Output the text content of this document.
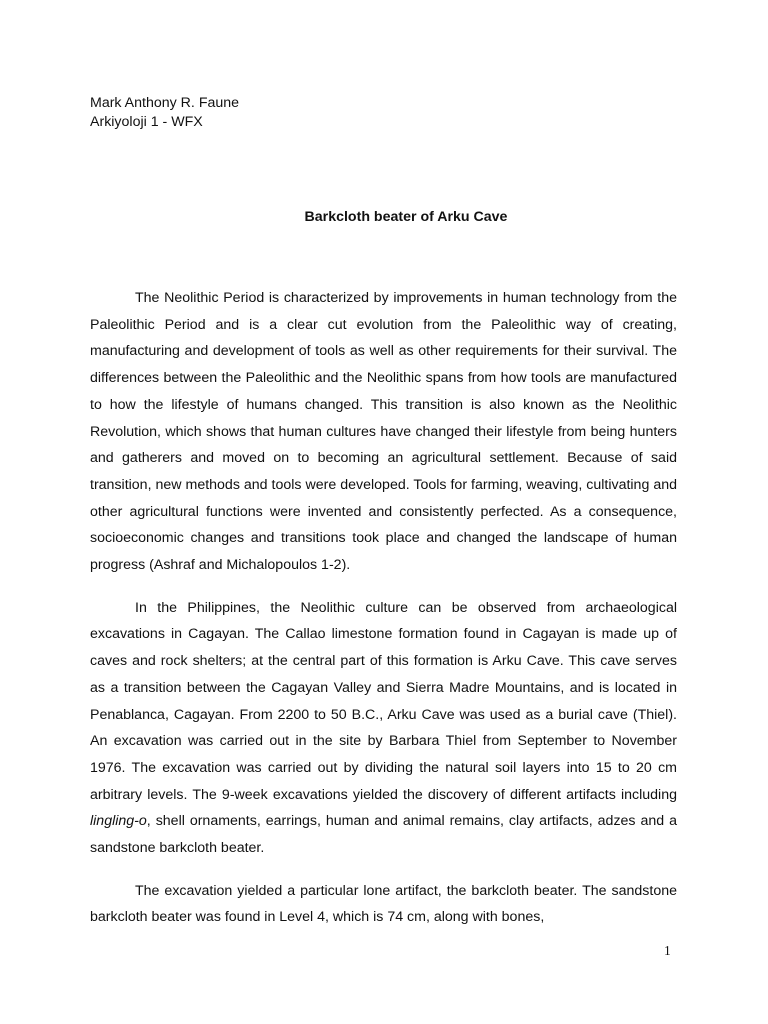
Mark Anthony R. Faune
Arkiyoloji 1 - WFX
Barkcloth beater of Arku Cave

The Neolithic Period is characterized by improvements in human technology from the Paleolithic Period and is a clear cut evolution from the Paleolithic way of creating, manufacturing and development of tools as well as other requirements for their survival. The differences between the Paleolithic and the Neolithic spans from how tools are manufactured to how the lifestyle of humans changed. This transition is also known as the Neolithic Revolution, which shows that human cultures have changed their lifestyle from being hunters and gatherers and moved on to becoming an agricultural settlement. Because of said transition, new methods and tools were developed. Tools for farming, weaving, cultivating and other agricultural functions were invented and consistently perfected. As a consequence, socioeconomic changes and transitions took place and changed the landscape of human progress (Ashraf and Michalopoulos 1-2).

In the Philippines, the Neolithic culture can be observed from archaeological excavations in Cagayan. The Callao limestone formation found in Cagayan is made up of caves and rock shelters; at the central part of this formation is Arku Cave. This cave serves as a transition between the Cagayan Valley and Sierra Madre Mountains, and is located in Penablanca, Cagayan. From 2200 to 50 B.C., Arku Cave was used as a burial cave (Thiel). An excavation was carried out in the site by Barbara Thiel from September to November 1976. The excavation was carried out by dividing the natural soil layers into 15 to 20 cm arbitrary levels. The 9-week excavations yielded the discovery of different artifacts including lingling-o, shell ornaments, earrings, human and animal remains, clay artifacts, adzes and a sandstone barkcloth beater.

The excavation yielded a particular lone artifact, the barkcloth beater. The sandstone barkcloth beater was found in Level 4, which is 74 cm, along with bones,

1
